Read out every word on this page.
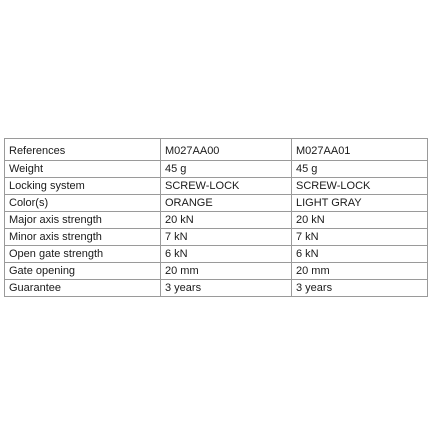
References	M027AA00	M027AA01
Weight	45 g	45 g
Locking system	SCREW-LOCK	SCREW-LOCK
Color(s)	ORANGE	LIGHT GRAY
Major axis strength	20 kN	20 kN
Minor axis strength	7 kN	7 kN
Open gate strength	6 kN	6 kN
Gate opening	20 mm	20 mm
Guarantee	3 years	3 years
